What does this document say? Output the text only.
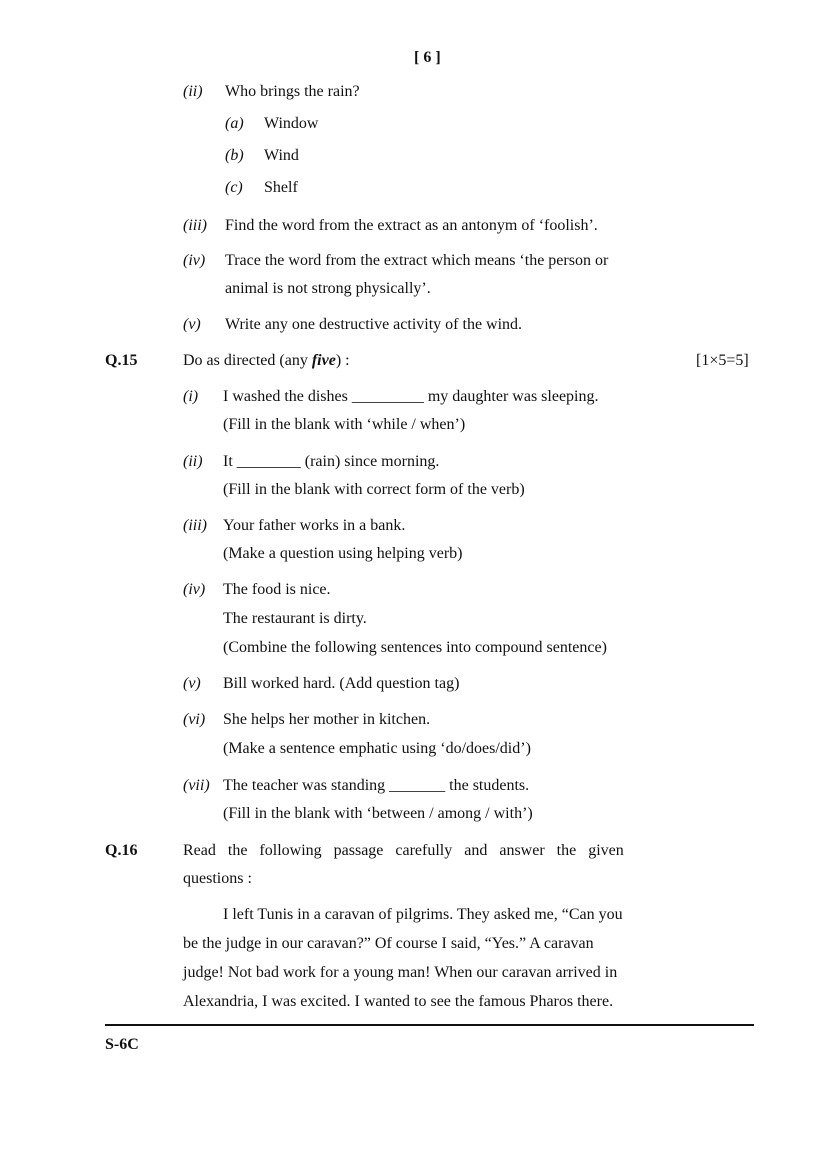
[ 6 ]
(ii) Who brings the rain?
(a) Window
(b) Wind
(c) Shelf
(iii) Find the word from the extract as an antonym of ‘foolish’.
(iv) Trace the word from the extract which means ‘the person or
animal is not strong physically’.
(v) Write any one destructive activity of the wind.
Q.15	Do as directed (any five) :	[1×5=5]
(i) I washed the dishes _________ my daughter was sleeping.
(Fill in the blank with ‘while / when’)
(ii) It ________ (rain) since morning.
(Fill in the blank with correct form of the verb)
(iii) Your father works in a bank.
(Make a question using helping verb)
(iv) The food is nice.
The restaurant is dirty.
(Combine the following sentences into compound sentence)
(v) Bill worked hard. (Add question tag)
(vi) She helps her mother in kitchen.
(Make a sentence emphatic using ‘do/does/did’)
(vii) The teacher was standing _______ the students.
(Fill in the blank with ‘between / among / with’)
Q.16	Read   the   following   passage   carefully   and   answer   the   given
questions :
I left Tunis in a caravan of pilgrims. They asked me, “Can you
be the judge in our caravan?” Of course I said, “Yes.” A caravan
judge! Not bad work for a young man! When our caravan arrived in
Alexandria, I was excited. I wanted to see the famous Pharos there.
S-6C
